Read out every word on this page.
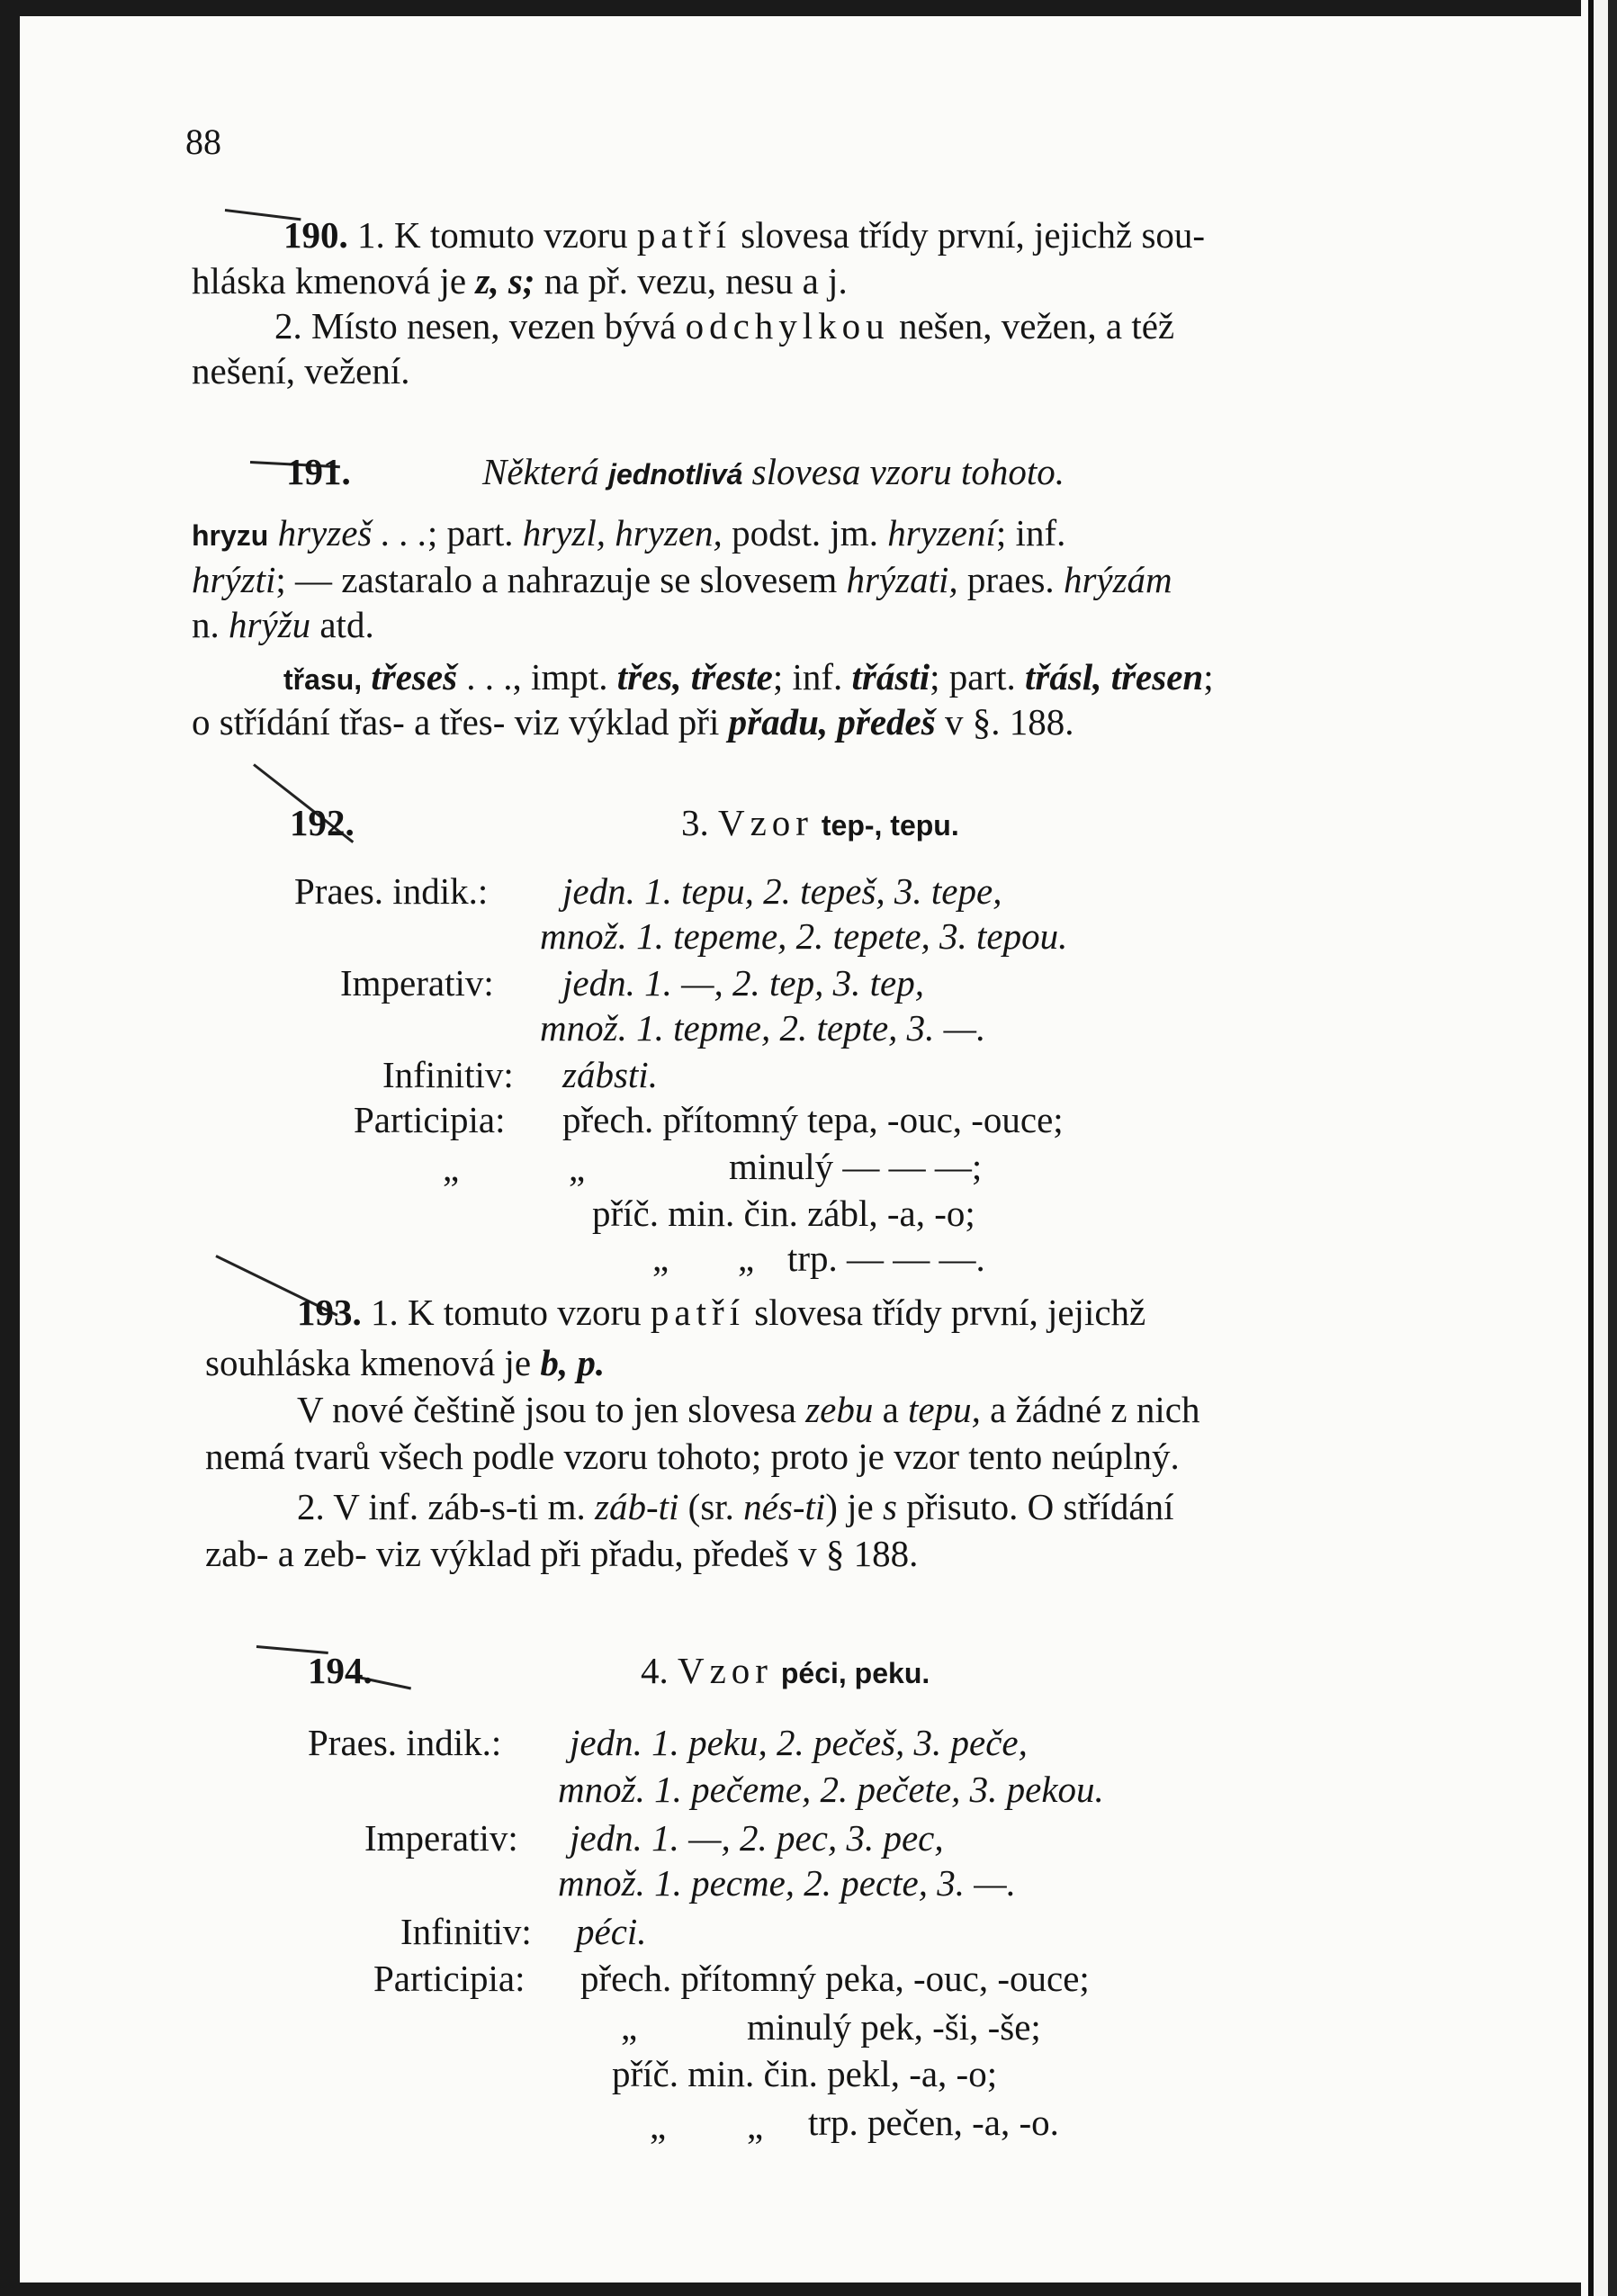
88
190. 1. K tomuto vzoru patří slovesa třídy první, jejichž sou-
hláska kmenová je z, s; na př. vezu, nesu a j.
2. Místo nesen, vezen bývá odchylkou nešen, vežen, a též
nešení, vežení.
191.	Některá jednotlivá slovesa vzoru tohoto.
hryzu hryzeš . . .; part. hryzl, hryzen, podst. jm. hryzení; inf.
hrýzti; — zastaralo a nahrazuje se slovesem hrýzati, praes. hrýzám
n. hrýžu atd.
třasu, třeseš . . ., impt. třes, třeste; inf. třásti; part. třásl, třesen;
o střídání třas- a třes- viz výklad při přadu, předeš v §. 188.
192.	3. Vzor tep-, tepu.
Praes. indik.: jedn. 1. tepu, 2. tepeš, 3. tepe,
množ. 1. tepeme, 2. tepete, 3. tepou.
Imperativ: jedn. 1. —, 2. tep, 3. tep,
množ. 1. tepme, 2. tepte, 3. —.
Infinitiv: zábsti.
Participia: přech. přítomný tepa, -ouc, -ouce;
„	„	minulý — — —;
příč. min. čin. zábl, -a, -o;
„ „ trp. — — —.
193. 1. K tomuto vzoru patří slovesa třídy první, jejichž
souhláska kmenová je b, p.
V nové češtině jsou to jen slovesa zebu a tepu, a žádné z nich
nemá tvarů všech podle vzoru tohoto; proto je vzor tento neúplný.
2. V inf. záb-s-ti m. záb-ti (sr. nés-ti) je s přisuto. O střídání
zab- a zeb- viz výklad při přadu, předeš v § 188.
194.	4. Vzor péci, peku.
Praes. indik.: jedn. 1. peku, 2. pečeš, 3. peče,
množ. 1. pečeme, 2. pečete, 3. pekou.
Imperativ: jedn. 1. —, 2. pec, 3. pec,
množ. 1. pecme, 2. pecte, 3. —.
Infinitiv: péci.
Participia: přech. přítomný peka, -ouc, -ouce;
„	minulý pek, -ši, -še;
příč. min. čin. pekl, -a, -o;
„ „ trp. pečen, -a, -o.
